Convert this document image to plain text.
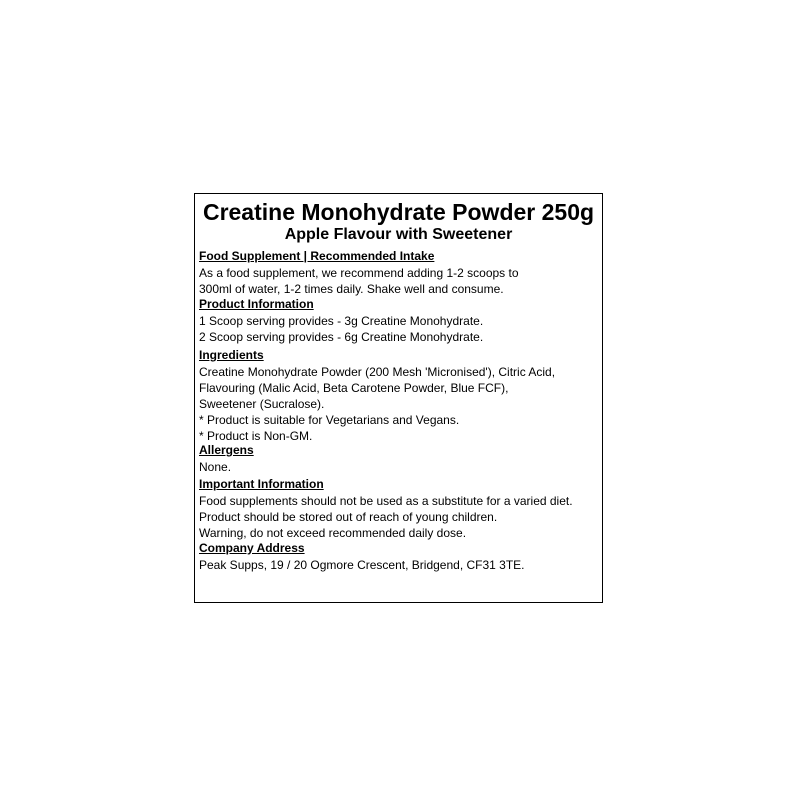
Creatine Monohydrate Powder 250g
Apple Flavour with Sweetener
Food Supplement | Recommended Intake
As a food supplement, we recommend adding 1-2 scoops to
300ml of water, 1-2 times daily. Shake well and consume.
Product Information
1 Scoop serving provides - 3g Creatine Monohydrate.
2 Scoop serving provides - 6g Creatine Monohydrate.
Ingredients
Creatine Monohydrate Powder (200 Mesh 'Micronised'), Citric Acid,
Flavouring (Malic Acid, Beta Carotene Powder, Blue FCF),
Sweetener (Sucralose).
* Product is suitable for Vegetarians and Vegans.
* Product is Non-GM.
Allergens
None.
Important Information
Food supplements should not be used as a substitute for a varied diet.
Product should be stored out of reach of young children.
Warning, do not exceed recommended daily dose.
Company Address
Peak Supps, 19 / 20 Ogmore Crescent, Bridgend, CF31 3TE.
